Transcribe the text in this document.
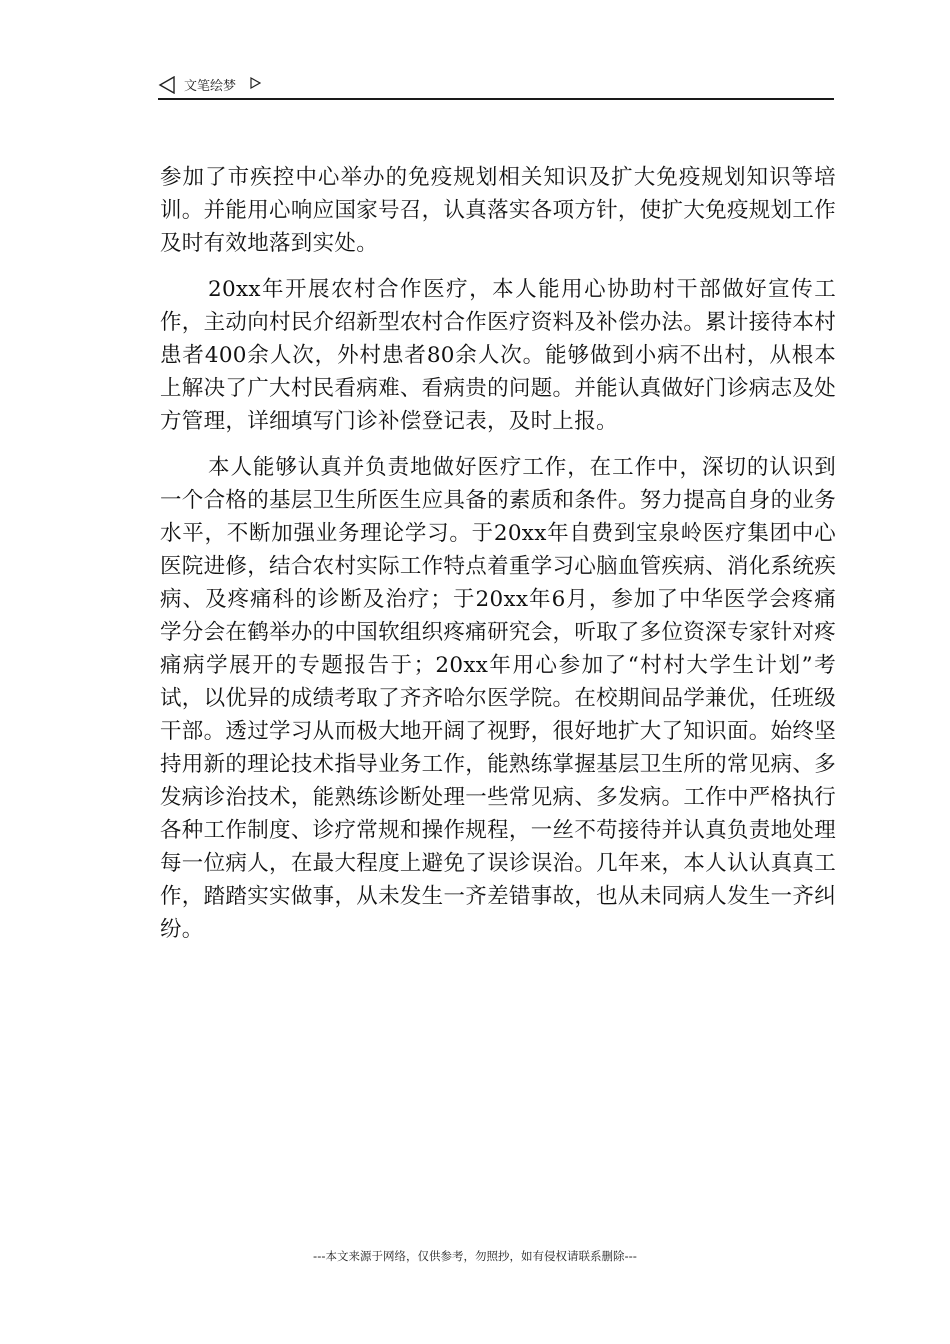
文笔绘梦

参加了市疾控中心举办的免疫规划相关知识及扩大免疫规划知识等培训。并能用心响应国家号召，认真落实各项方针，使扩大免疫规划工作及时有效地落到实处。

20xx年开展农村合作医疗，本人能用心协助村干部做好宣传工作，主动向村民介绍新型农村合作医疗资料及补偿办法。累计接待本村患者400余人次，外村患者80余人次。能够做到小病不出村，从根本上解决了广大村民看病难、看病贵的问题。并能认真做好门诊病志及处方管理，详细填写门诊补偿登记表，及时上报。

本人能够认真并负责地做好医疗工作，在工作中，深切的认识到一个合格的基层卫生所医生应具备的素质和条件。努力提高自身的业务水平，不断加强业务理论学习。于20xx年自费到宝泉岭医疗集团中心医院进修，结合农村实际工作特点着重学习心脑血管疾病、消化系统疾病、及疼痛科的诊断及治疗；于20xx年6月，参加了中华医学会疼痛学分会在鹤举办的中国软组织疼痛研究会，听取了多位资深专家针对疼痛病学展开的专题报告于；20xx年用心参加了“村村大学生计划”考试，以优异的成绩考取了齐齐哈尔医学院。在校期间品学兼优，任班级干部。透过学习从而极大地开阔了视野，很好地扩大了知识面。始终坚持用新的理论技术指导业务工作，能熟练掌握基层卫生所的常见病、多发病诊治技术，能熟练诊断处理一些常见病、多发病。工作中严格执行各种工作制度、诊疗常规和操作规程，一丝不苟接待并认真负责地处理每一位病人，在最大程度上避免了误诊误治。几年来，本人认认真真工作，踏踏实实做事，从未发生一齐差错事故，也从未同病人发生一齐纠纷。

---本文来源于网络，仅供参考，勿照抄，如有侵权请联系删除---
